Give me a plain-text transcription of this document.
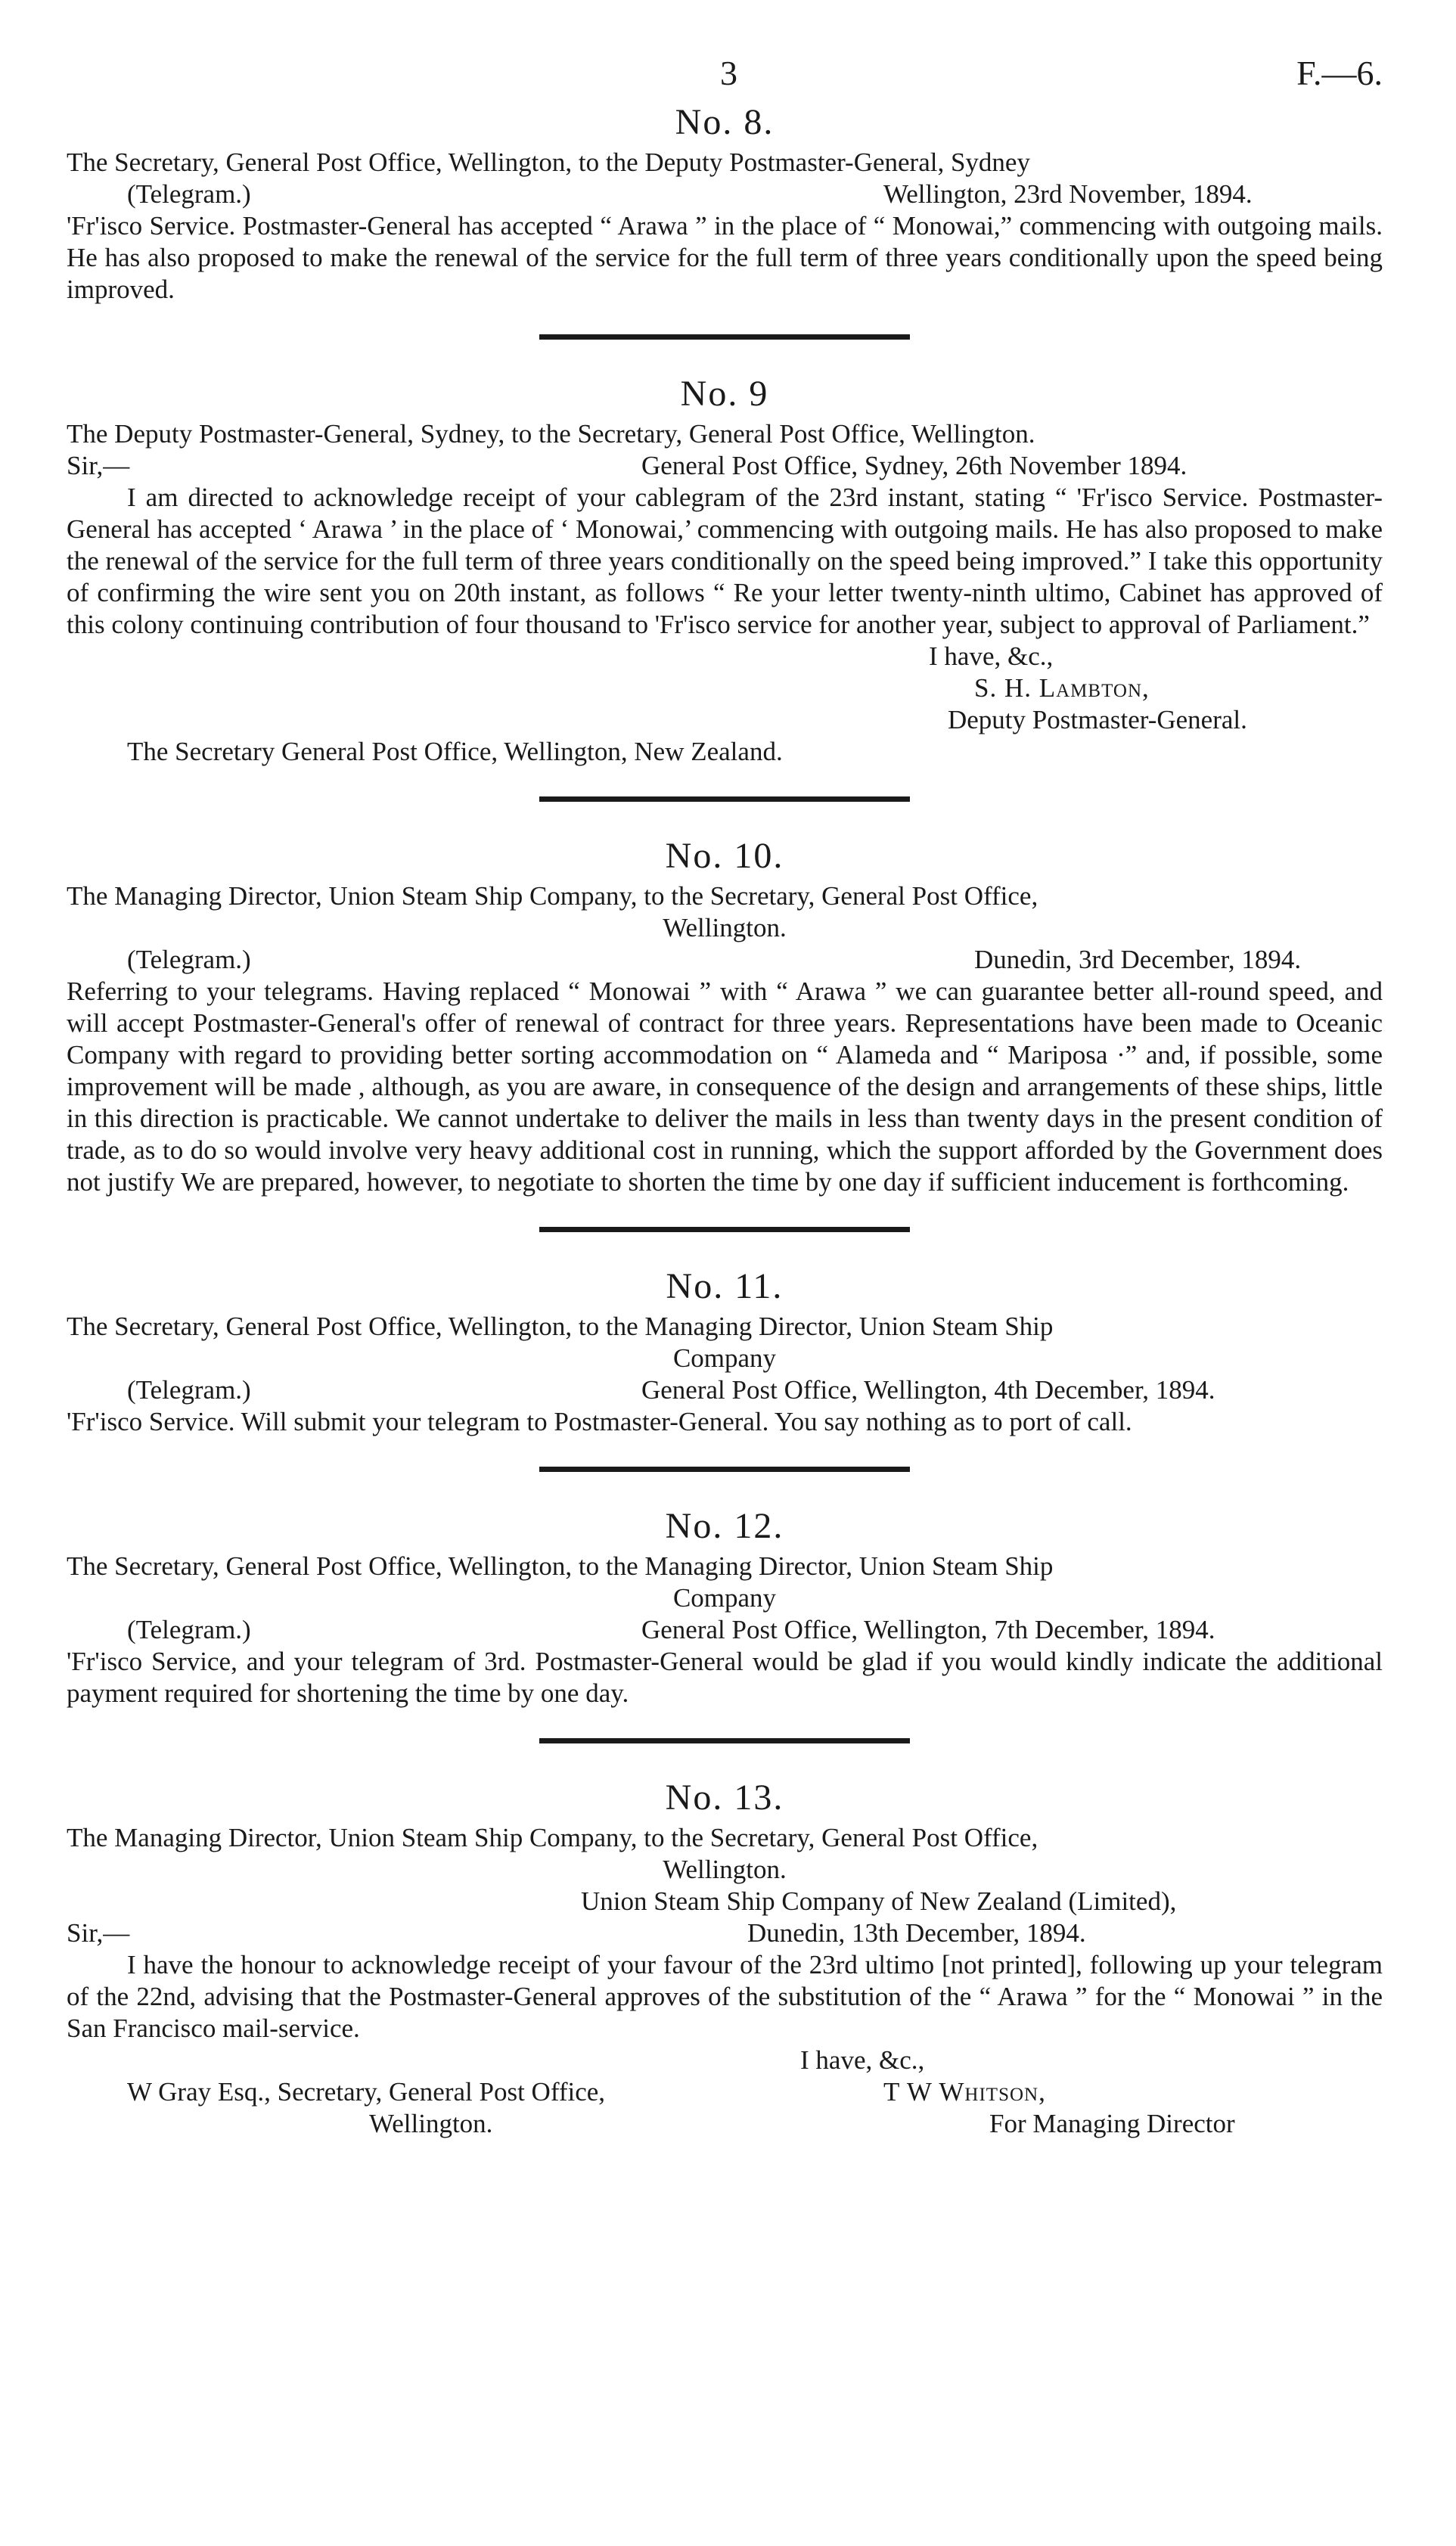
3	F.—6.

No. 8.

The Secretary, General Post Office, Wellington, to the Deputy Postmaster-General, Sydney

(Telegram.)	Wellington, 23rd November, 1894.

'Fr'isco Service. Postmaster-General has accepted “ Arawa ” in the place of “ Monowai,” commencing with outgoing mails. He has also proposed to make the renewal of the service for the full term of three years conditionally upon the speed being improved.

No. 9

The Deputy Postmaster-General, Sydney, to the Secretary, General Post Office, Wellington.

Sir,—	General Post Office, Sydney, 26th November 1894.

I am directed to acknowledge receipt of your cablegram of the 23rd instant, stating “ 'Fr'isco Service. Postmaster-General has accepted ‘ Arawa ’ in the place of ‘ Monowai,’ commencing with outgoing mails. He has also proposed to make the renewal of the service for the full term of three years conditionally on the speed being improved.” I take this opportunity of confirming the wire sent you on 20th instant, as follows “ Re your letter twenty-ninth ultimo, Cabinet has approved of this colony continuing contribution of four thousand to 'Fr'isco service for another year, subject to approval of Parliament.”

I have, &c.,
S. H. Lambton,
Deputy Postmaster-General.
The Secretary General Post Office, Wellington, New Zealand.

No. 10.

The Managing Director, Union Steam Ship Company, to the Secretary, General Post Office,

Wellington.

(Telegram.)	Dunedin, 3rd December, 1894.

Referring to your telegrams. Having replaced “ Monowai ” with “ Arawa ” we can guarantee better all-round speed, and will accept Postmaster-General's offer of renewal of contract for three years. Representations have been made to Oceanic Company with regard to providing better sorting accommodation on “ Alameda and “ Mariposa ·” and, if possible, some improvement will be made , although, as you are aware, in consequence of the design and arrangements of these ships, little in this direction is practicable. We cannot undertake to deliver the mails in less than twenty days in the present condition of trade, as to do so would involve very heavy additional cost in running, which the support afforded by the Government does not justify We are prepared, however, to negotiate to shorten the time by one day if sufficient inducement is forthcoming.

No. 11.

The Secretary, General Post Office, Wellington, to the Managing Director, Union Steam Ship

Company

(Telegram.)	General Post Office, Wellington, 4th December, 1894.

'Fr'isco Service. Will submit your telegram to Postmaster-General. You say nothing as to port of call.

No. 12.

The Secretary, General Post Office, Wellington, to the Managing Director, Union Steam Ship

Company

(Telegram.)	General Post Office, Wellington, 7th December, 1894.

'Fr'isco Service, and your telegram of 3rd. Postmaster-General would be glad if you would kindly indicate the additional payment required for shortening the time by one day.

No. 13.

The Managing Director, Union Steam Ship Company, to the Secretary, General Post Office,

Wellington.

Union Steam Ship Company of New Zealand (Limited),
Sir,—	Dunedin, 13th December, 1894.

I have the honour to acknowledge receipt of your favour of the 23rd ultimo [not printed], following up your telegram of the 22nd, advising that the Postmaster-General approves of the substitution of the “ Arawa ” for the “ Monowai ” in the San Francisco mail-service.

I have, &c.,
W Gray Esq., Secretary, General Post Office,	T W Whitson,
Wellington.	For Managing Director
